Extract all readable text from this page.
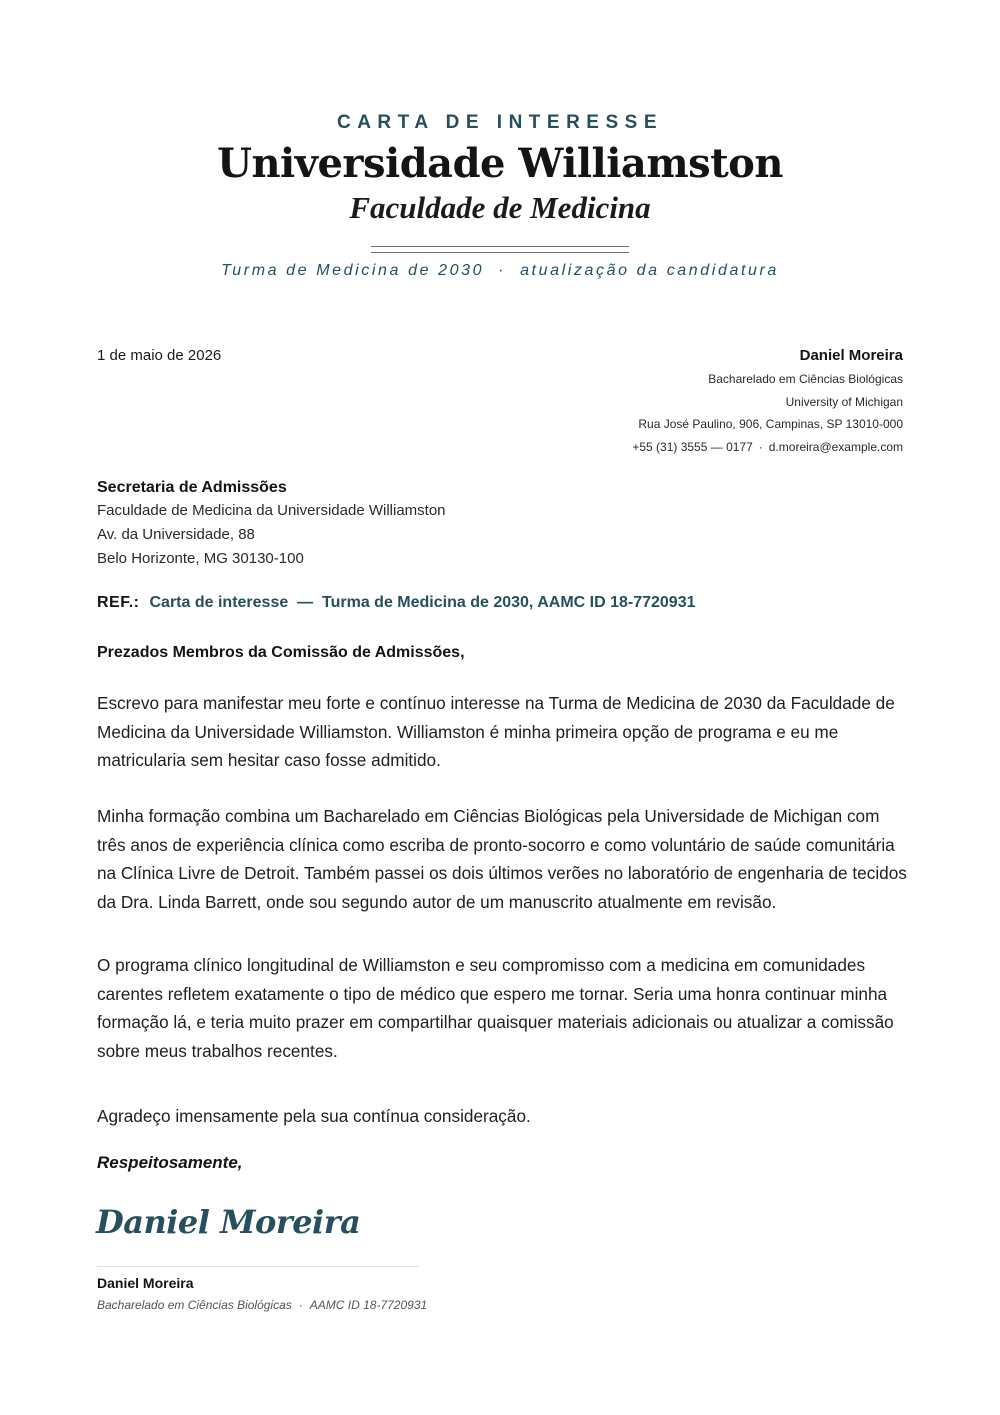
CARTA DE INTERESSE
Universidade Williamston
Faculdade de Medicina
Turma de Medicina de 2030 · atualização da candidatura
1 de maio de 2026	Daniel Moreira
Bacharelado em Ciências Biológicas
University of Michigan
Rua José Paulino, 906, Campinas, SP 13010-000
+55 (31) 3555 — 0177 · d.moreira@example.com
Secretaria de Admissões
Faculdade de Medicina da Universidade Williamston
Av. da Universidade, 88
Belo Horizonte, MG 30130-100
REF.: Carta de interesse  —  Turma de Medicina de 2030, AAMC ID 18-7720931
Prezados Membros da Comissão de Admissões,

Escrevo para manifestar meu forte e contínuo interesse na Turma de Medicina de 2030 da Faculdade de Medicina da Universidade Williamston. Williamston é minha primeira opção de programa e eu me matricularia sem hesitar caso fosse admitido.

Minha formação combina um Bacharelado em Ciências Biológicas pela Universidade de Michigan com três anos de experiência clínica como escriba de pronto-socorro e como voluntário de saúde comunitária na Clínica Livre de Detroit. Também passei os dois últimos verões no laboratório de engenharia de tecidos da Dra. Linda Barrett, onde sou segundo autor de um manuscrito atualmente em revisão.

O programa clínico longitudinal de Williamston e seu compromisso com a medicina em comunidades carentes refletem exatamente o tipo de médico que espero me tornar. Seria uma honra continuar minha formação lá, e teria muito prazer em compartilhar quaisquer materiais adicionais ou atualizar a comissão sobre meus trabalhos recentes.

Agradeço imensamente pela sua contínua consideração.

Respeitosamente,
Daniel Moreira
Daniel Moreira
Bacharelado em Ciências Biológicas · AAMC ID 18-7720931
